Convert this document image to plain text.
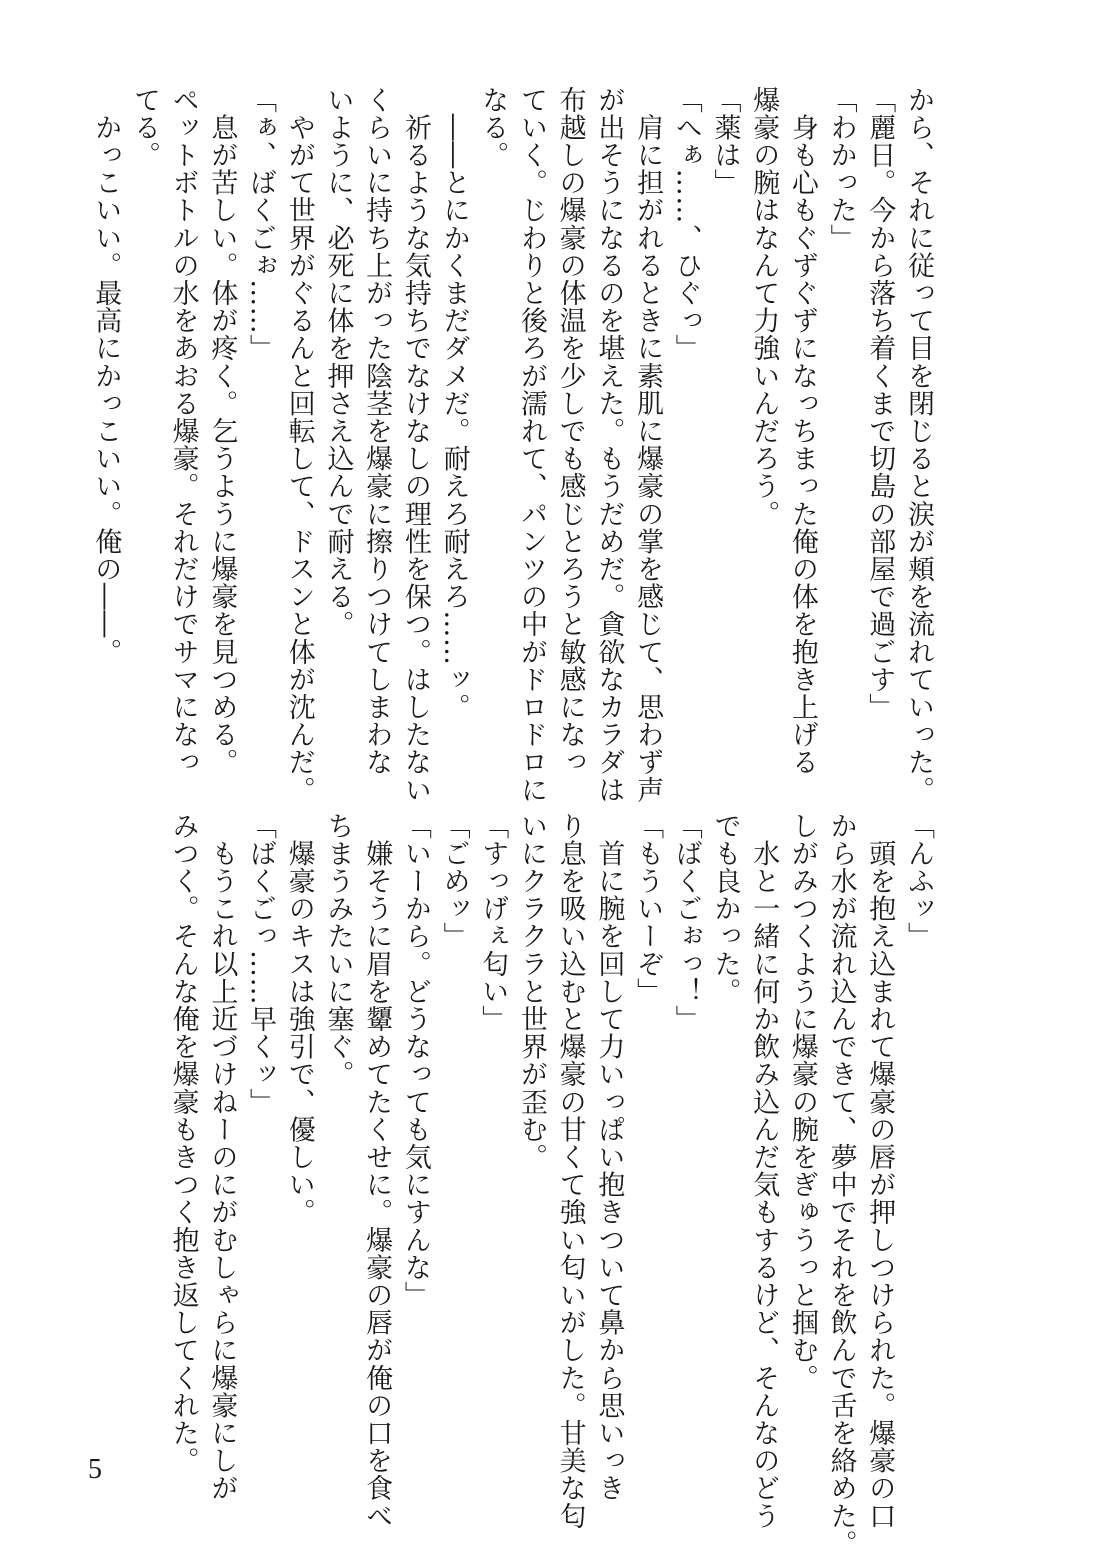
から、それに従って目を閉じると涙が頬を流れていった。
「麗日。今から落ち着くまで切島の部屋で過ごす」
「わかった」
　身も心もぐずぐずになっちまった俺の体を抱き上げる
爆豪の腕はなんて力強いんだろう。
「薬は」
「へぁ……、ひぐっ」
　肩に担がれるときに素肌に爆豪の掌を感じて、思わず声
が出そうになるのを堪えた。もうだめだ。貪欲なカラダは
布越しの爆豪の体温を少しでも感じとろうと敏感になっ
ていく。じわりと後ろが濡れて、パンツの中がドロドロに
なる。
　――とにかくまだダメだ。耐えろ耐えろ……ッ。
　祈るような気持ちでなけなしの理性を保つ。はしたない
くらいに持ち上がった陰茎を爆豪に擦りつけてしまわな
いように、必死に体を押さえ込んで耐える。
　やがて世界がぐるんと回転して、ドスンと体が沈んだ。
「ぁ、ばくごぉ……」
　息が苦しい。体が疼く。乞うように爆豪を見つめる。
ペットボトルの水をあおる爆豪。それだけでサマになっ
てる。
　かっこいい。最高にかっこいい。俺の――。
「んふッ」
　頭を抱え込まれて爆豪の唇が押しつけられた。爆豪の口
から水が流れ込んできて、夢中でそれを飲んで舌を絡めた。
しがみつくように爆豪の腕をぎゅうっと掴む。
　水と一緒に何か飲み込んだ気もするけど、そんなのどう
でも良かった。
「ばくごぉっ！」
「もういーぞ」
　首に腕を回して力いっぱい抱きついて鼻から思いっき
り息を吸い込むと爆豪の甘くて強い匂いがした。甘美な匂
いにクラクラと世界が歪む。
「すっげぇ匂い」
「ごめッ」
「いーから。どうなっても気にすんな」
　嫌そうに眉を顰めてたくせに。爆豪の唇が俺の口を食べ
ちまうみたいに塞ぐ。
　爆豪のキスは強引で、優しい。
「ばくごっ……早くッ」
　もうこれ以上近づけねーのにがむしゃらに爆豪にしが
みつく。そんな俺を爆豪もきつく抱き返してくれた。
5
